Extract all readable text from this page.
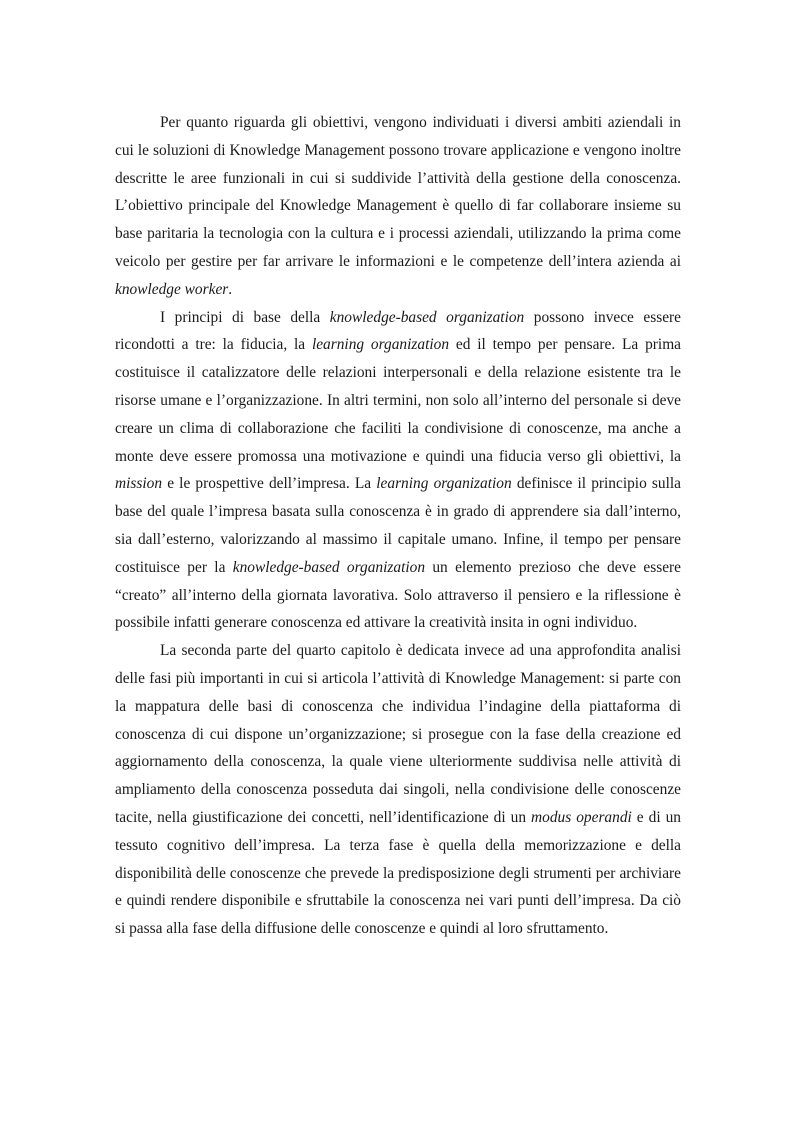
Per quanto riguarda gli obiettivi, vengono individuati i diversi ambiti aziendali in cui le soluzioni di Knowledge Management possono trovare applicazione e vengono inoltre descritte le aree funzionali in cui si suddivide l’attività della gestione della conoscenza. L’obiettivo principale del Knowledge Management è quello di far collaborare insieme su base paritaria la tecnologia con la cultura e i processi aziendali, utilizzando la prima come veicolo per gestire per far arrivare le informazioni e le competenze dell’intera azienda ai knowledge worker.

I principi di base della knowledge-based organization possono invece essere ricondotti a tre: la fiducia, la learning organization ed il tempo per pensare. La prima costituisce il catalizzatore delle relazioni interpersonali e della relazione esistente tra le risorse umane e l’organizzazione. In altri termini, non solo all’interno del personale si deve creare un clima di collaborazione che faciliti la condivisione di conoscenze, ma anche a monte deve essere promossa una motivazione e quindi una fiducia verso gli obiettivi, la mission e le prospettive dell’impresa. La learning organization definisce il principio sulla base del quale l’impresa basata sulla conoscenza è in grado di apprendere sia dall’interno, sia dall’esterno, valorizzando al massimo il capitale umano. Infine, il tempo per pensare costituisce per la knowledge-based organization un elemento prezioso che deve essere “creato” all’interno della giornata lavorativa. Solo attraverso il pensiero e la riflessione è possibile infatti generare conoscenza ed attivare la creatività insita in ogni individuo.

La seconda parte del quarto capitolo è dedicata invece ad una approfondita analisi delle fasi più importanti in cui si articola l’attività di Knowledge Management: si parte con la mappatura delle basi di conoscenza che individua l’indagine della piattaforma di conoscenza di cui dispone un’organizzazione; si prosegue con la fase della creazione ed aggiornamento della conoscenza, la quale viene ulteriormente suddivisa nelle attività di ampliamento della conoscenza posseduta dai singoli, nella condivisione delle conoscenze tacite, nella giustificazione dei concetti, nell’identificazione di un modus operandi e di un tessuto cognitivo dell’impresa. La terza fase è quella della memorizzazione e della disponibilità delle conoscenze che prevede la predisposizione degli strumenti per archiviare e quindi rendere disponibile e sfruttabile la conoscenza nei vari punti dell’impresa. Da ciò si passa alla fase della diffusione delle conoscenze e quindi al loro sfruttamento.
